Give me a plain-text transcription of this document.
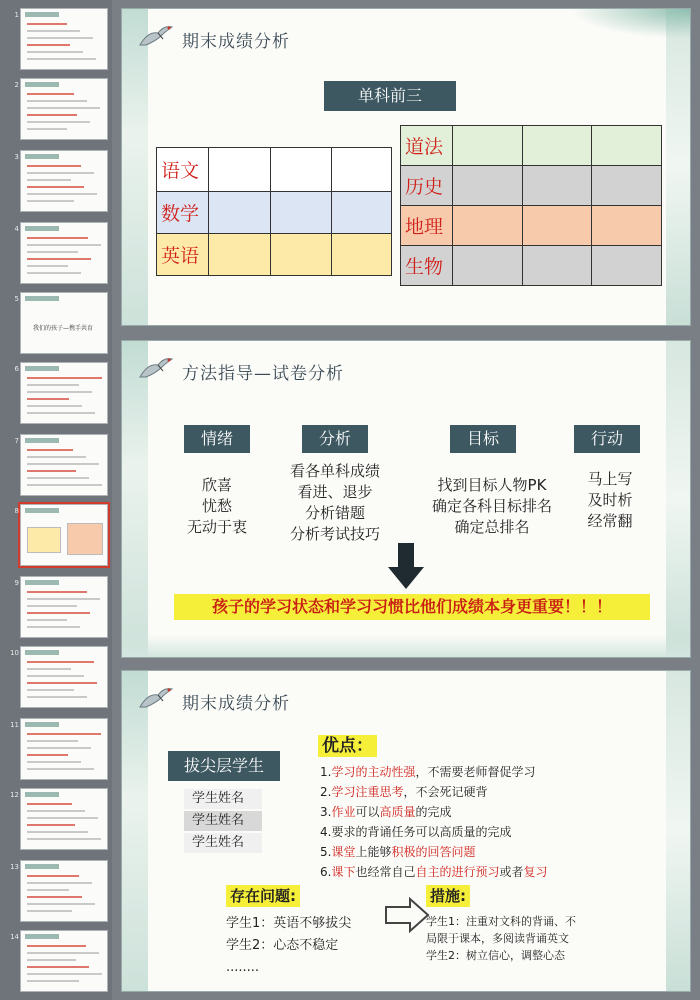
1
2
3
4
5
我们的孩子—携手共育
6
7
8
9
10
11
12
13
14
期末成绩分析
单科前三
语文			
数学			
英语			
道法			
历史			
地理			
生物			
方法指导—试卷分析
情绪	分析	目标	行动
欣喜
忧愁
无动于衷
看各单科成绩
看进、退步
分析错题
分析考试技巧
找到目标人物PK
确定各科目标排名
确定总排名
马上写
及时析
经常翻
孩子的学习状态和学习习惯比他们成绩本身更重要！！！
期末成绩分析
拔尖层学生
学生姓名
学生姓名
学生姓名
优点：
1.学习的主动性强，不需要老师督促学习
2.学习注重思考，不会死记硬背
3.作业可以高质量的完成
4.要求的背诵任务可以高质量的完成
5.课堂上能够积极的回答问题
6.课下也经常自己自主的进行预习或者复习
存在问题:
学生1：英语不够拔尖
学生2：心态不稳定
........
措施:
学生1：注重对文科的背诵、不
局限于课本，多阅读背诵英文
学生2：树立信心，调整心态
